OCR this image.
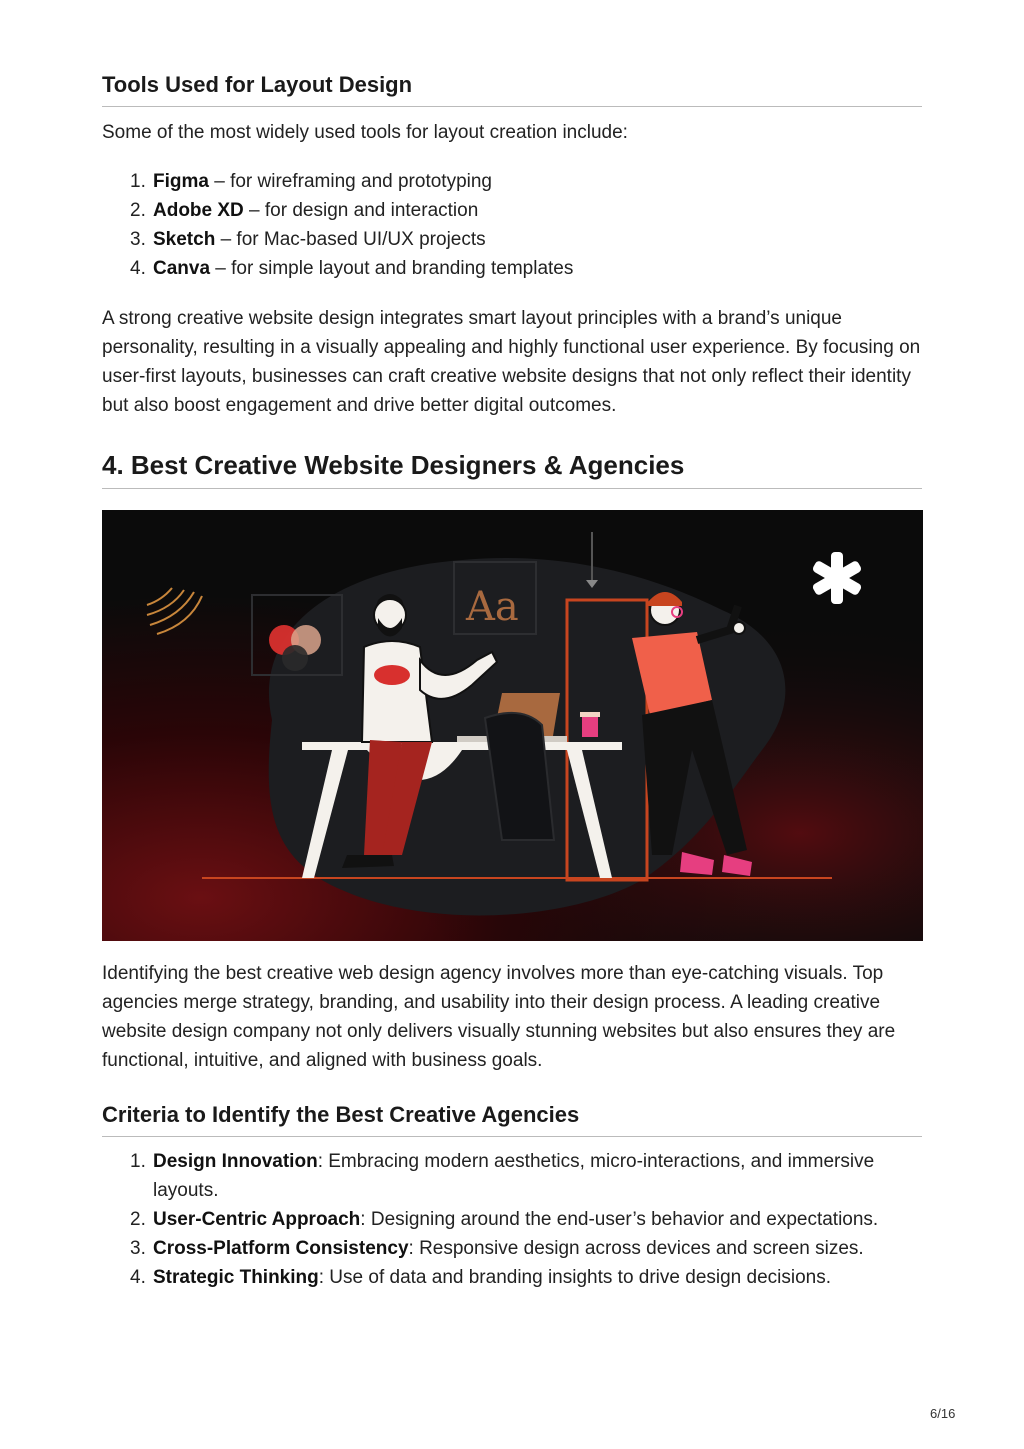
Tools Used for Layout Design

Some of the most widely used tools for layout creation include:

1. Figma – for wireframing and prototyping
2. Adobe XD – for design and interaction
3. Sketch – for Mac-based UI/UX projects
4. Canva – for simple layout and branding templates

A strong creative website design integrates smart layout principles with a brand’s unique personality, resulting in a visually appealing and highly functional user experience. By focusing on user-first layouts, businesses can craft creative website designs that not only reflect their identity but also boost engagement and drive better digital outcomes.

4. Best Creative Website Designers & Agencies
Aa

Identifying the best creative web design agency involves more than eye-catching visuals. Top agencies merge strategy, branding, and usability into their design process. A leading creative website design company not only delivers visually stunning websites but also ensures they are functional, intuitive, and aligned with business goals.

Criteria to Identify the Best Creative Agencies
1. Design Innovation: Embracing modern aesthetics, micro-interactions, and immersive layouts.
2. User-Centric Approach: Designing around the end-user’s behavior and expectations.
3. Cross-Platform Consistency: Responsive design across devices and screen sizes.
4. Strategic Thinking: Use of data and branding insights to drive design decisions.
6/16
